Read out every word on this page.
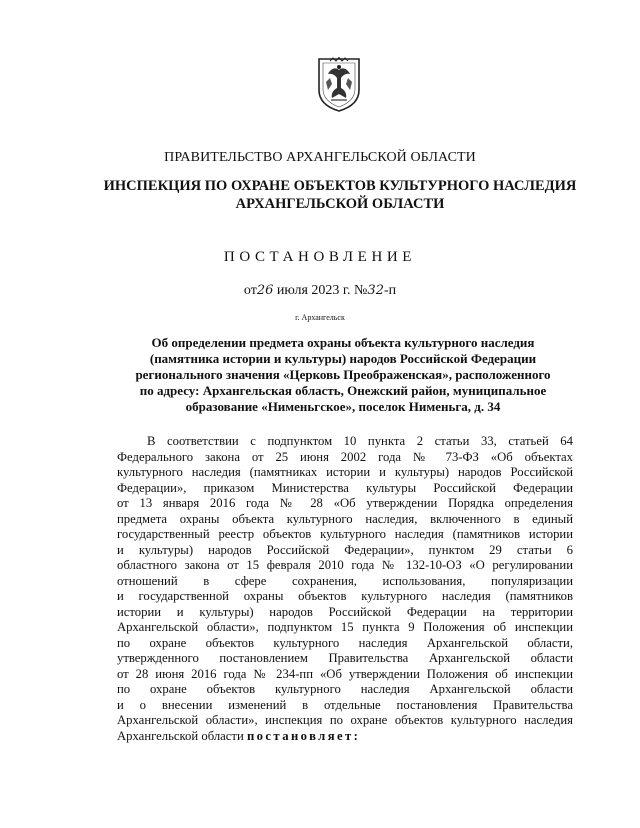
ПРАВИТЕЛЬСТВО АРХАНГЕЛЬСКОЙ ОБЛАСТИ
ИНСПЕКЦИЯ ПО ОХРАНЕ ОБЪЕКТОВ КУЛЬТУРНОГО НАСЛЕДИЯ
АРХАНГЕЛЬСКОЙ ОБЛАСТИ
ПОСТАНОВЛЕНИЕ
от26 июля 2023 г. №32-п
г. Архангельск
Об определении предмета охраны объекта культурного наследия
(памятника истории и культуры) народов Российской Федерации
регионального значения «Церковь Преображенская», расположенного
по адресу: Архангельская область, Онежский район, муниципальное
образование «Нименьгское», поселок Нименьга, д. 34
В соответствии с подпунктом 10 пункта 2 статьи 33, статьей 64
Федерального закона от 25 июня 2002 года № 73-ФЗ «Об объектах
культурного наследия (памятниках истории и культуры) народов Российской
Федерации», приказом Министерства культуры Российской Федерации
от 13 января 2016 года № 28 «Об утверждении Порядка определения
предмета охраны объекта культурного наследия, включенного в единый
государственный реестр объектов культурного наследия (памятников истории
и культуры) народов Российской Федерации», пунктом 29 статьи 6
областного закона от 15 февраля 2010 года № 132-10-ОЗ «О регулировании
отношений в сфере сохранения, использования, популяризации
и государственной охраны объектов культурного наследия (памятников
истории и культуры) народов Российской Федерации на территории
Архангельской области», подпунктом 15 пункта 9 Положения об инспекции
по охране объектов культурного наследия Архангельской области,
утвержденного постановлением Правительства Архангельской области
от 28 июня 2016 года № 234-пп «Об утверждении Положения об инспекции
по охране объектов культурного наследия Архангельской области
и о внесении изменений в отдельные постановления Правительства
Архангельской области», инспекция по охране объектов культурного наследия
Архангельской области постановляет:
